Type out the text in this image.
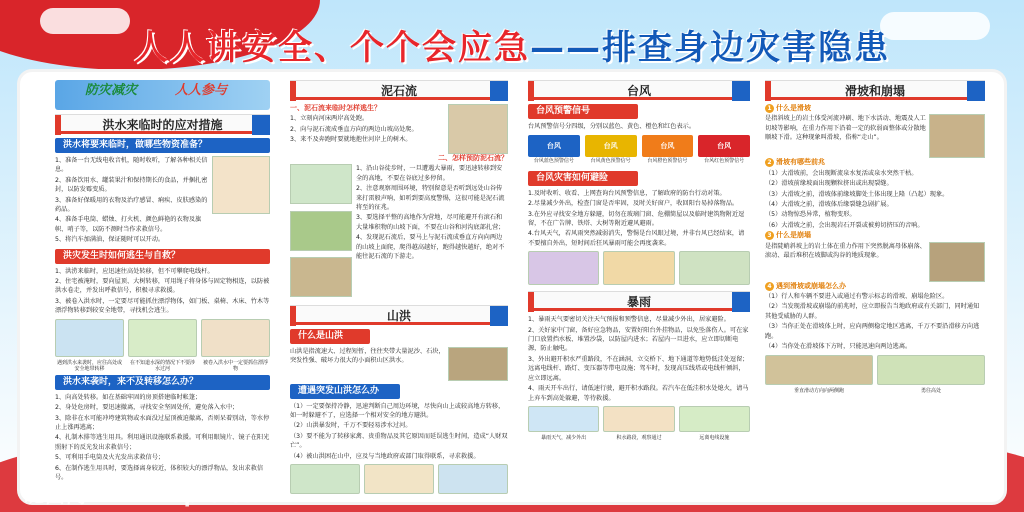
人人讲安全、个个会应急——排查身边灾害隐患
防灾减灾	人人参与
洪水来临时的应对措施
洪水将要来临时，做哪些物资准备？

1、准备一台无线电收音机，随时收听，了解各种相关信息。

2、准备饮用水、罐装果汁和保持期长的食品，并捆扎密封，以防发霉变质。

3、准备好保暖用的衣物及治疗感冒、痢疾、皮肤感染的药品。

4、准备手电筒、蜡烛、打火机、颜色鲜艳的衣物及旗帜、哨子等，以防不测时当作求救信号。

5、将汽车加满油，保证随时可以开动。

洪灾发生时如何逃生与自救？

1、洪涝来临时，应迅速往高处转移，但不可攀爬电线杆。

2、住宅被淹时，要向屋顶、大树转移，可用绳子将身体与固定物相连，以防被洪水卷走，并发出呼救信号，积极寻求救援。

3、被卷入洪水时，一定要尽可能抓住漂浮物体，如门板、桌椅、木床、竹木等漂浮物转移到较安全地带，寻找机会逃生。

遇到洪水来袭时，应往高处或安全地带转移
在不知道水深的情况下不要涉水过河
被卷入洪水中一定要抓住漂浮物
洪水来袭时，来不及转移怎么办？

1、向高处转移。如在基础牢固的房顶搭建临时帐篷；

2、身处危房时，要迅速撤离，寻找安全坚固处所，避免落入水中；

3、除非在水可能冲垮建筑物或水面没过屋顶被迫撤离，否则呆着别动，等水停止上涨再逃离；

4、扎制木排等逃生用具。利用通讯设施联系救援。可利用眼镜片、镜子在阳光照射下的反光发出求救信号；

5、可利用手电筒及火光发出求救信号；

6、在制作逃生用具时，要选择离身较近，体积较大的漂浮物品，发出求救信号。

泥石流

一、泥石流来临时怎样逃生？

1、立刻向河床两岸高处跑。

2、向与泥石流成垂直方向的两边山坡高处爬。

3、来不及奔跑时要就地抱住河岸上的树木。

二、怎样预防泥石流？

1、沿山谷徒步时，一旦遭遇大暴雨，要迅速转移到安全的高地，不要在谷底过多停留。

2、注意观察周围环境，特别留意是否听到远处山谷传来打雷般声响，如听到要高度警惕，这很可能是泥石流将至的征兆。

3、要选择平整的高地作为营地，尽可能避开有滚石和大量堆积物的山坡下面，不要在山谷和河沟底部扎营；

4、发现泥石流后，要马上与泥石流成垂直方向向两边的山坡上面爬，爬得越高越好，跑得越快越好，绝对不能往泥石流的下游走。

山洪
什么是山洪

山洪是指流速大、过程短暂，往往夹带大量泥沙、石块，突发性强、破坏力很大的小面积山区洪水。

遭遇突发山洪怎么办

（1）一定要保持冷静，迅速判断自己周边环境，尽快向山上或较高地方转移，如一时躲避不了，应选择一个相对安全的地方避洪。

（2）山洪暴发时，千万不要轻易涉水过河。

（3）要不能为了转移家禽、贵重物品及其它原因而延误逃生时间，造成“人财双亡”。

（4）被山洪困在山中，应及与当地政府或部门取得联系，寻求救援。

台风
台风预警信号

台风预警信号分四级，分别以蓝色、黄色、橙色和红色表示。

台风
台风蓝色预警信号
台风
台风黄色预警信号
台风
台风橙色预警信号
台风
台风红色预警信号
台风灾害如何避险

1.及时收听、收看、上网查询台风预警信息，了解政府的防台行动对策。

2.尽量减少外出，检查门窗是否牢固，及时关好窗户，收回阳台易掉落物品。

3.在外应寻找安全地方躲避，切勿在玻璃门窗、危棚简屋以及临时建筑物附近逗留，不在广告牌、铁塔、大树等附近避风避雨。

4.台风天气，若风雨突然减弱消失，警惕是台风眼过境，并非台风已经结束，请不要擅自外出，短时间后狂风暴雨可能会再度袭来。

暴雨

1、暴雨天气要密切关注天气预报和预警信息，尽量减少外出，居家避险。

2、关好家中门窗，备好应急物品，安置好阳台外挂物品，以免坠落伤人。可在家门口放置挡水板、堆置沙袋，以防屋内进水；若屋内一旦进水，应立即切断电源，防止触电。

3、外出避开积水严重路段，不在涵洞、立交桥下、地下通道等地势低洼处逗留；远离电线杆、路灯、变压器等带电设施；驾车时，发现高压线塔或电线杆倾斜，应立即远离。

4、雨天开车出行，请低速行驶，避开积水路段。若汽车在低洼积水处熄火，请马上弃车到高处躲避，等待救援。

暴雨天气，减少外出	积水路段，观察通过	远离电线设施
滑坡和崩塌

1 什么是滑坡

是指斜坡上的岩土体受河流冲刷、地下水活动、地震及人工切坡等影响，在重力作用下沿着一定的软弱面整体或分散地顺坡下滑。这种现象叫滑坡，俗称“走山”。

2 滑坡有哪些前兆

（1）大滑坡前，会出现断流泉水复活或泉水突然干枯。

（2）滑坡前缘坡面出现颗粒挤出或出现裂缝。

（3）大滑坡之前，滑坡体前缘坡脚处土体出现上隆（凸起）现象。

（4）大滑坡之前，滑坡体后缘裂缝急剧扩展。

（5）动物惊恐异常，植物变形。

（6）大滑坡之前，会出现岩石开裂或被剪切挤压的音响。

3 什么是崩塌

是指陡峭斜坡上的岩土体在重力作用下突然脱离母体崩落、滚动、最后堆积在坡脚或沟谷的地质现象。

4 遇到滑坡或崩塌怎么办

（1）行人和车辆不要进入或通过有警示标志的滑坡、崩塌危险区。

（2）当发现滑坡或崩塌的前兆时，应立即报告当地政府或有关部门，同时通知其他受威胁的人群。

（3）当你正处在滑坡体上时，应向两侧稳定地区逃离，千万不要沿滑移方向逃跑。

（4）当你处在滑坡体下方时，只能迅速向两边逃离。

垂直滑动方向向两侧跑	勇往高处
昵图网 www.nipic.com	ID:21926599 NO:20250508153497181100
